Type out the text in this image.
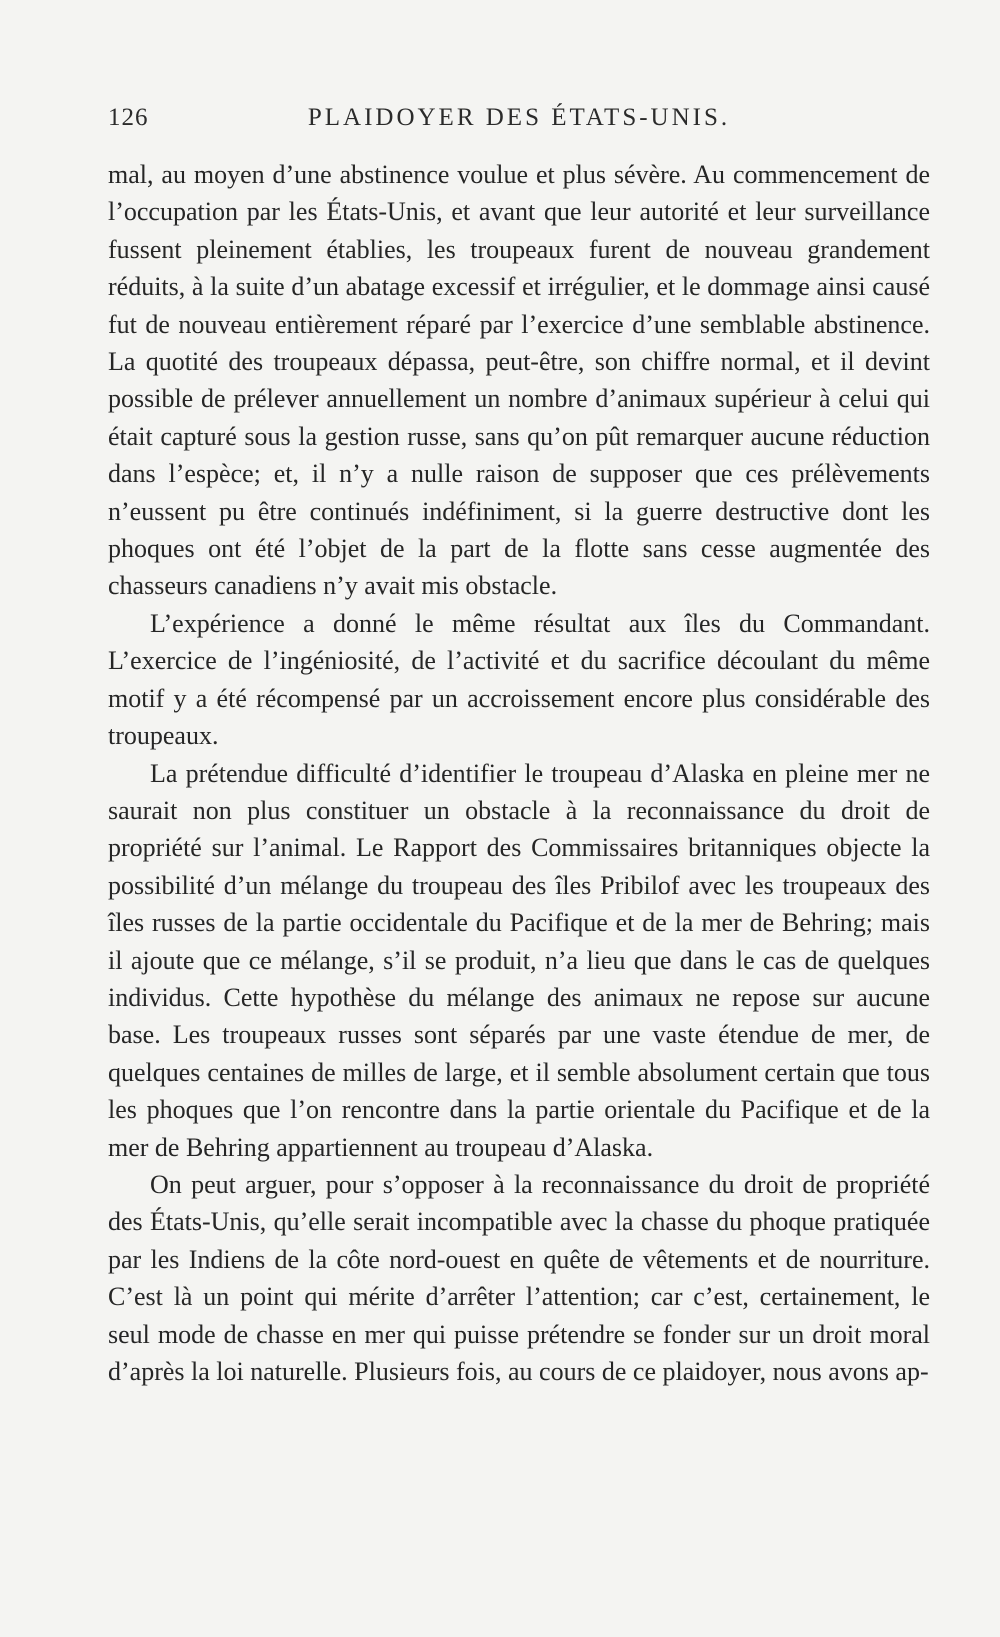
126	PLAIDOYER DES ÉTATS-UNIS.

mal, au moyen d’une abstinence voulue et plus sévère. Au commencement de l’occupation par les États-Unis, et avant que leur autorité et leur surveillance fussent pleinement établies, les troupeaux furent de nouveau grandement réduits, à la suite d’un abatage excessif et irrégulier, et le dommage ainsi causé fut de nouveau entièrement réparé par l’exercice d’une semblable abstinence. La quotité des troupeaux dépassa, peut-être, son chiffre normal, et il devint possible de prélever annuellement un nombre d’animaux supérieur à celui qui était capturé sous la gestion russe, sans qu’on pût remarquer aucune réduction dans l’espèce; et, il n’y a nulle raison de supposer que ces prélèvements n’eussent pu être continués indéfiniment, si la guerre destructive dont les phoques ont été l’objet de la part de la flotte sans cesse augmentée des chasseurs canadiens n’y avait mis obstacle.

L’expérience a donné le même résultat aux îles du Commandant. L’exercice de l’ingéniosité, de l’activité et du sacrifice découlant du même motif y a été récompensé par un accroissement encore plus considérable des troupeaux.

La prétendue difficulté d’identifier le troupeau d’Alaska en pleine mer ne saurait non plus constituer un obstacle à la reconnaissance du droit de propriété sur l’animal. Le Rapport des Commissaires britanniques objecte la possibilité d’un mélange du troupeau des îles Pribilof avec les troupeaux des îles russes de la partie occidentale du Pacifique et de la mer de Behring; mais il ajoute que ce mélange, s’il se produit, n’a lieu que dans le cas de quelques individus. Cette hypothèse du mélange des animaux ne repose sur aucune base. Les troupeaux russes sont séparés par une vaste étendue de mer, de quelques centaines de milles de large, et il semble absolument certain que tous les phoques que l’on rencontre dans la partie orientale du Pacifique et de la mer de Behring appartiennent au troupeau d’Alaska.

On peut arguer, pour s’opposer à la reconnaissance du droit de propriété des États-Unis, qu’elle serait incompatible avec la chasse du phoque pratiquée par les Indiens de la côte nord-ouest en quête de vêtements et de nourriture. C’est là un point qui mérite d’arrêter l’attention; car c’est, certainement, le seul mode de chasse en mer qui puisse prétendre se fonder sur un droit moral d’après la loi naturelle. Plusieurs fois, au cours de ce plaidoyer, nous avons ap-
